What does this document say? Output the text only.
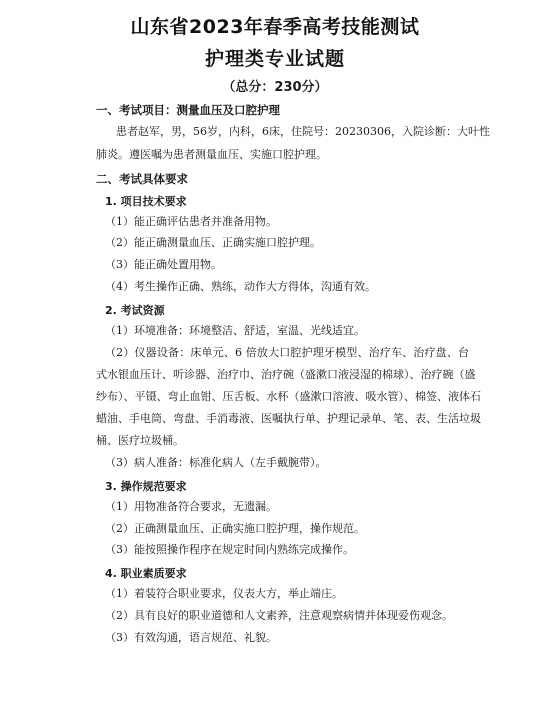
山东省2023年春季高考技能测试
护理类专业试题
（总分：230分）
一、考试项目：测量血压及口腔护理
患者赵军，男，56岁，内科，6床，住院号：20230306，入院诊断：大叶性
肺炎。遵医嘱为患者测量血压、实施口腔护理。
二、考试具体要求
1. 项目技术要求
（1）能正确评估患者并准备用物。
（2）能正确测量血压、正确实施口腔护理。
（3）能正确处置用物。
（4）考生操作正确、熟练，动作大方得体，沟通有效。
2. 考试资源
（1）环境准备：环境整洁、舒适，室温、光线适宜。
（2）仪器设备：床单元、6 倍放大口腔护理牙模型、治疗车、治疗盘、台
式水银血压计、听诊器、治疗巾、治疗碗（盛漱口液浸湿的棉球）、治疗碗（盛
纱布）、平镊、弯止血钳、压舌板、水杯（盛漱口溶液、吸水管）、棉签、液体石
蜡油、手电筒、弯盘、手消毒液、医嘱执行单、护理记录单、笔、表、生活垃圾
桶、医疗垃圾桶。
（3）病人准备：标准化病人（左手戴腕带）。
3. 操作规范要求
（1）用物准备符合要求，无遗漏。
（2）正确测量血压、正确实施口腔护理，操作规范。
（3）能按照操作程序在规定时间内熟练完成操作。
4. 职业素质要求
（1）着装符合职业要求，仪表大方，举止端庄。
（2）具有良好的职业道德和人文素养，注意观察病情并体现爱伤观念。
（3）有效沟通，语言规范、礼貌。
